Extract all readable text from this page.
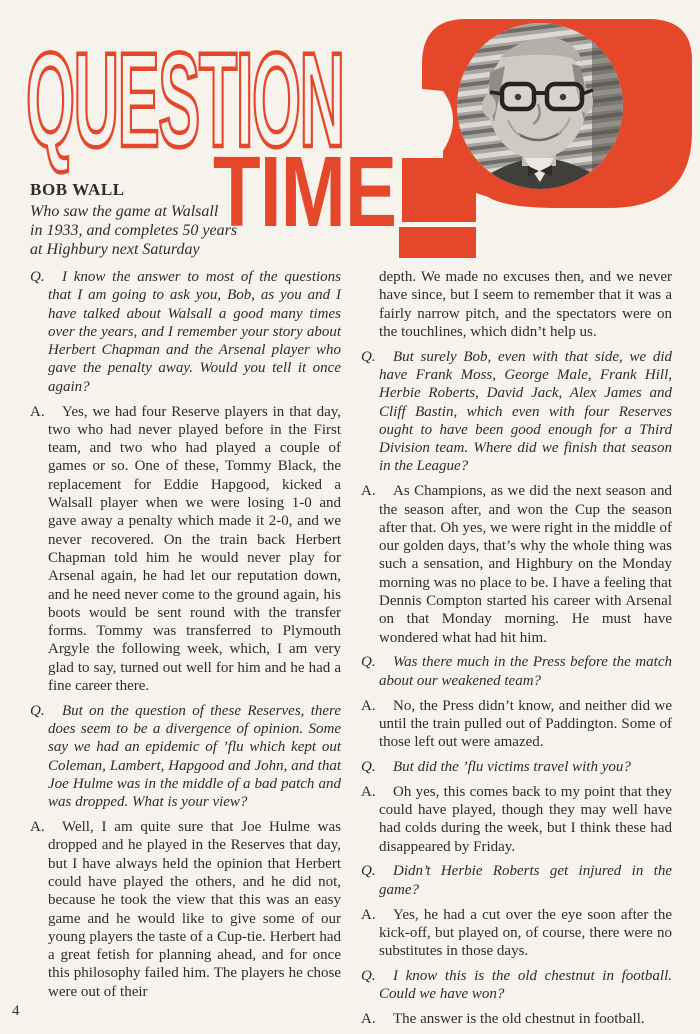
QUESTION
TIME
BOB WALL
Who saw the game at Walsall
in 1933, and completes 50 years
at Highbury next Saturday

Q. I know the answer to most of the questions that I am going to ask you, Bob, as you and I have talked about Walsall a good many times over the years, and I remember your story about Herbert Chapman and the Arsenal player who gave the penalty away. Would you tell it once again?

A. Yes, we had four Reserve players in that day, two who had never played before in the First team, and two who had played a couple of games or so. One of these, Tommy Black, the replacement for Eddie Hapgood, kicked a Walsall player when we were losing 1-0 and gave away a penalty which made it 2-0, and we never recovered. On the train back Herbert Chapman told him he would never play for Arsenal again, he had let our reputation down, and he need never come to the ground again, his boots would be sent round with the transfer forms. Tommy was transferred to Plymouth Argyle the following week, which, I am very glad to say, turned out well for him and he had a fine career there.

Q. But on the question of these Reserves, there does seem to be a divergence of opinion. Some say we had an epidemic of ’flu which kept out Coleman, Lambert, Hapgood and John, and that Joe Hulme was in the middle of a bad patch and was dropped. What is your view?

A. Well, I am quite sure that Joe Hulme was dropped and he played in the Reserves that day, but I have always held the opinion that Herbert could have played the others, and he did not, because he took the view that this was an easy game and he would like to give some of our young players the taste of a Cup-tie. Herbert had a great fetish for planning ahead, and for once this philosophy failed him. The players he chose were out of their

depth. We made no excuses then, and we never have since, but I seem to remember that it was a fairly narrow pitch, and the spectators were on the touchlines, which didn’t help us.

Q. But surely Bob, even with that side, we did have Frank Moss, George Male, Frank Hill, Herbie Roberts, David Jack, Alex James and Cliff Bastin, which even with four Reserves ought to have been good enough for a Third Division team. Where did we finish that season in the League?

A. As Champions, as we did the next season and the season after, and won the Cup the season after that. Oh yes, we were right in the middle of our golden days, that’s why the whole thing was such a sensation, and Highbury on the Monday morning was no place to be. I have a feeling that Dennis Compton started his career with Arsenal on that Monday morning. He must have wondered what had hit him.

Q. Was there much in the Press before the match about our weakened team?

A. No, the Press didn’t know, and neither did we until the train pulled out of Paddington. Some of those left out were amazed.

Q. But did the ’flu victims travel with you?

A. Oh yes, this comes back to my point that they could have played, though they may well have had colds during the week, but I think these had disappeared by Friday.

Q. Didn’t Herbie Roberts get injured in the game?

A. Yes, he had a cut over the eye soon after the kick-off, but played on, of course, there were no substitutes in those days.

Q. I know this is the old chestnut in football. Could we have won?

A. The answer is the old chestnut in football.

4
